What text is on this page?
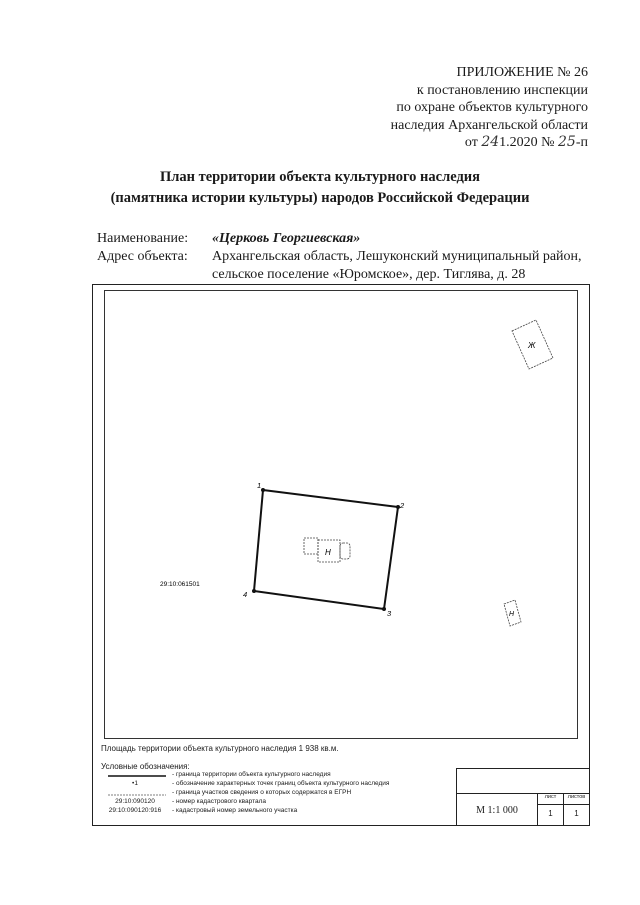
ПРИЛОЖЕНИЕ № 26
к постановлению инспекции
по охране объектов культурного
наследия Архангельской области
от 241.2020 № 25-п
План территории объекта культурного наследия
(памятника истории культуры) народов Российской Федерации
Наименование: «Церковь Георгиевская»
Адрес объекта: Архангельская область, Лешуконский муниципальный район,
сельское поселение «Юромское», дер. Тиглява, д. 28
1
2
3
4
Н
Ж
Н
29:10:061501
Площадь территории объекта культурного наследия 1 938 кв.м.
Условные обозначения:
- граница территории объекта культурного наследия
•1	- обозначение характерных точек границ объекта культурного наследия
- граница участков сведения о которых содержатся в ЕГРН
29:10:090120	- номер кадастрового квартала
29:10:090120:916	- кадастровый номер земельного участка	М 1:1 000
лист	листов
1	1
